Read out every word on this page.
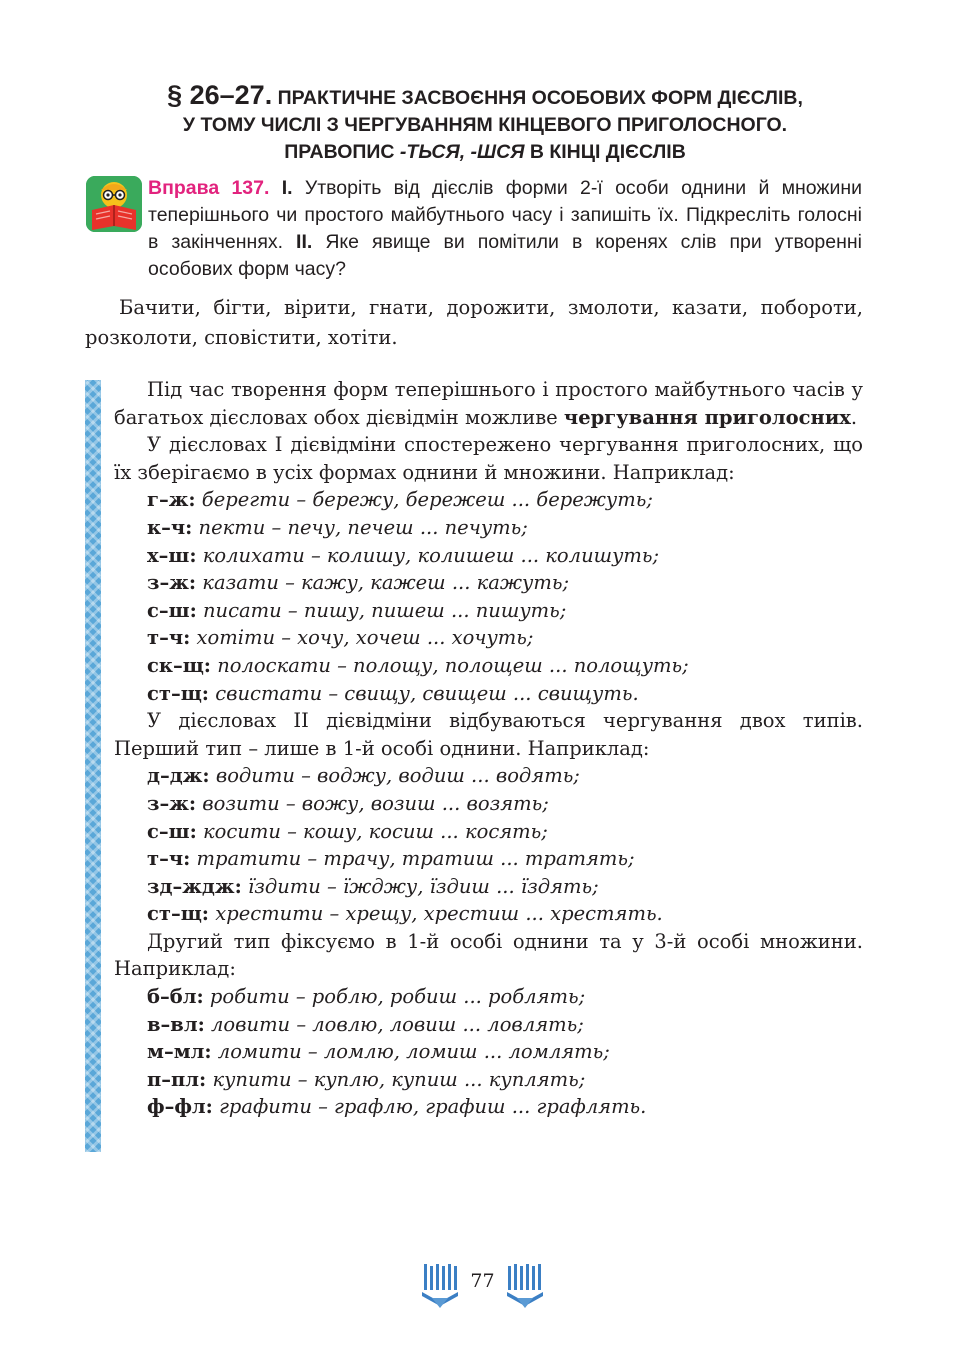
§ 26–27. ПРАКТИЧНЕ ЗАСВОЄННЯ ОСОБОВИХ ФОРМ ДІЄСЛІВ,
У ТОМУ ЧИСЛІ З ЧЕРГУВАННЯМ КІНЦЕВОГО ПРИГОЛОСНОГО.
ПРАВОПИС -ТЬСЯ, -ШСЯ В КІНЦІ ДІЄСЛІВ
Вправа 137. I. Утворіть від дієслів форми 2-ї особи однини й множини теперішнього чи простого майбутнього часу і запишіть їх. Підкресліть голосні в закінченнях. II. Яке явище ви помітили в коренях слів при утворенні особових форм часу?
Бачити, бігти, вірити, гнати, дорожити, змолоти, казати, побороти, розколоти, сповістити, хотіти.

Під час творення форм теперішнього і простого майбутнього часів у багатьох дієсловах обох дієвідмін можливе чергування приголосних.

У дієсловах I дієвідміни спостережено чергування приголосних, що їх зберігаємо в усіх формах однини й множини. Наприклад:

г–ж: берегти – бережу, бережеш ... бережуть;
к–ч: пекти – печу, печеш ... печуть;
х–ш: колихати – колишу, колишеш ... колишуть;
з–ж: казати – кажу, кажеш ... кажуть;
с–ш: писати – пишу, пишеш ... пишуть;
т–ч: хотіти – хочу, хочеш ... хочуть;
ск–щ: полоскати – полощу, полощеш ... полощуть;
ст–щ: свистати – свищу, свищеш ... свищуть.

У дієсловах II дієвідміни відбуваються чергування двох типів. Перший тип – лише в 1-й особі однини. Наприклад:

д–дж: водити – воджу, водиш ... водять;
з–ж: возити – вожу, возиш ... возять;
с–ш: косити – кошу, косиш ... косять;
т–ч: тратити – трачу, тратиш ... тратять;
зд–ждж: їздити – їжджу, їздиш ... їздять;
ст–щ: хрестити – хрещу, хрестиш ... хрестять.

Другий тип фіксуємо в 1-й особі однини та у 3-й особі множини. Наприклад:

б–бл: робити – роблю, робиш ... роблять;
в–вл: ловити – ловлю, ловиш ... ловлять;
м–мл: ломити – ломлю, ломиш ... ломлять;
п–пл: купити – куплю, купиш ... куплять;
ф–фл: графити – графлю, графиш ... графлять.
77
